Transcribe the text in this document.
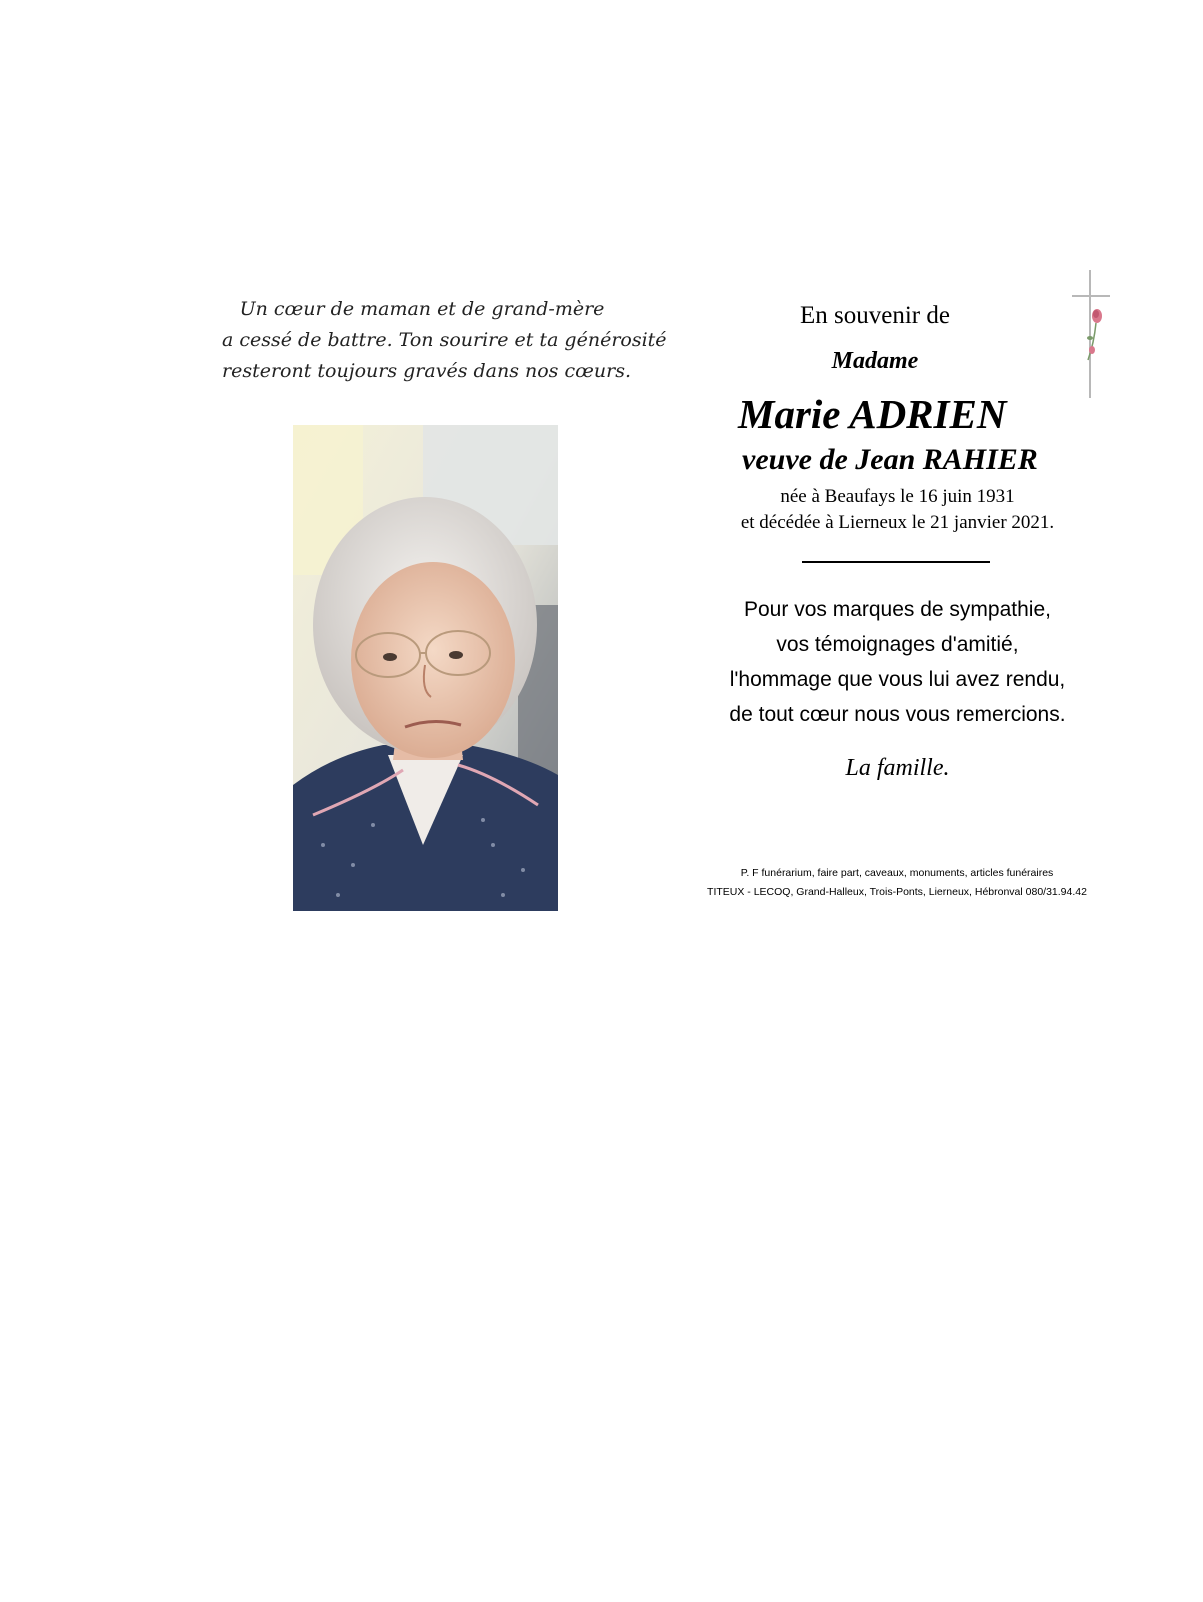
Un cœur de maman et de grand-mère
a cessé de battre. Ton sourire et ta générosité
resteront toujours gravés dans nos cœurs.
En souvenir de
Madame
Marie ADRIEN
veuve de Jean RAHIER
née à Beaufays le 16 juin 1931
et décédée à Lierneux le 21 janvier 2021.
Pour vos marques de sympathie,
vos témoignages d'amitié,
l'hommage que vous lui avez rendu,
de tout cœur nous vous remercions.
La famille.
P. F funérarium, faire part, caveaux, monuments, articles funéraires
TITEUX - LECOQ, Grand-Halleux, Trois-Ponts, Lierneux, Hébronval 080/31.94.42
